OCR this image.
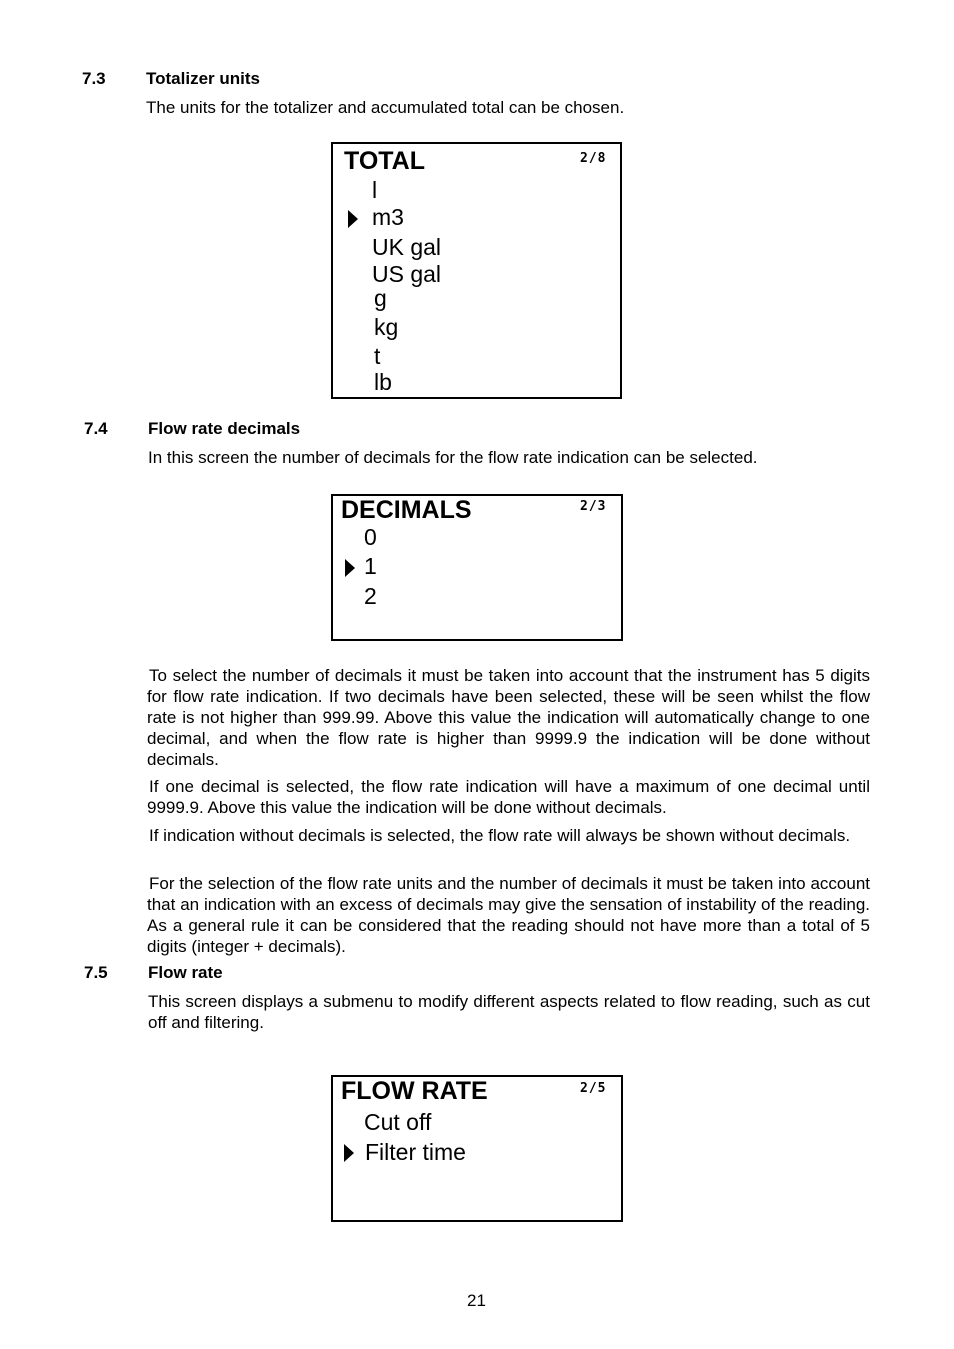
7.3 Totalizer units
The units for the totalizer and accumulated total can be chosen.
TOTAL	2/8
l
m3
UK gal
US gal
g
kg
t
lb
7.4 Flow rate decimals
In this screen the number of decimals for the flow rate indication can be selected.
DECIMALS	2/3
0
1
2
To select the number of decimals it must be taken into account that the instrument has 5 digits for flow rate indication. If two decimals have been selected, these will be seen whilst the flow rate is not higher than 999.99. Above this value the indication will automatically change to one decimal, and when the flow rate is higher than 9999.9 the indication will be done without decimals.
If one decimal is selected, the flow rate indication will have a maximum of one decimal until 9999.9. Above this value the indication will be done without decimals.
If indication without decimals is selected, the flow rate will always be shown without decimals.
For the selection of the flow rate units and the number of decimals it must be taken into account that an indication with an excess of decimals may give the sensation of instability of the reading. As a general rule it can be considered that the reading should not have more than a total of 5 digits (integer + decimals).
7.5 Flow rate
This screen displays a submenu to modify different aspects related to flow reading, such as cut off and filtering.
FLOW RATE	2/5
Cut off
Filter time
21
